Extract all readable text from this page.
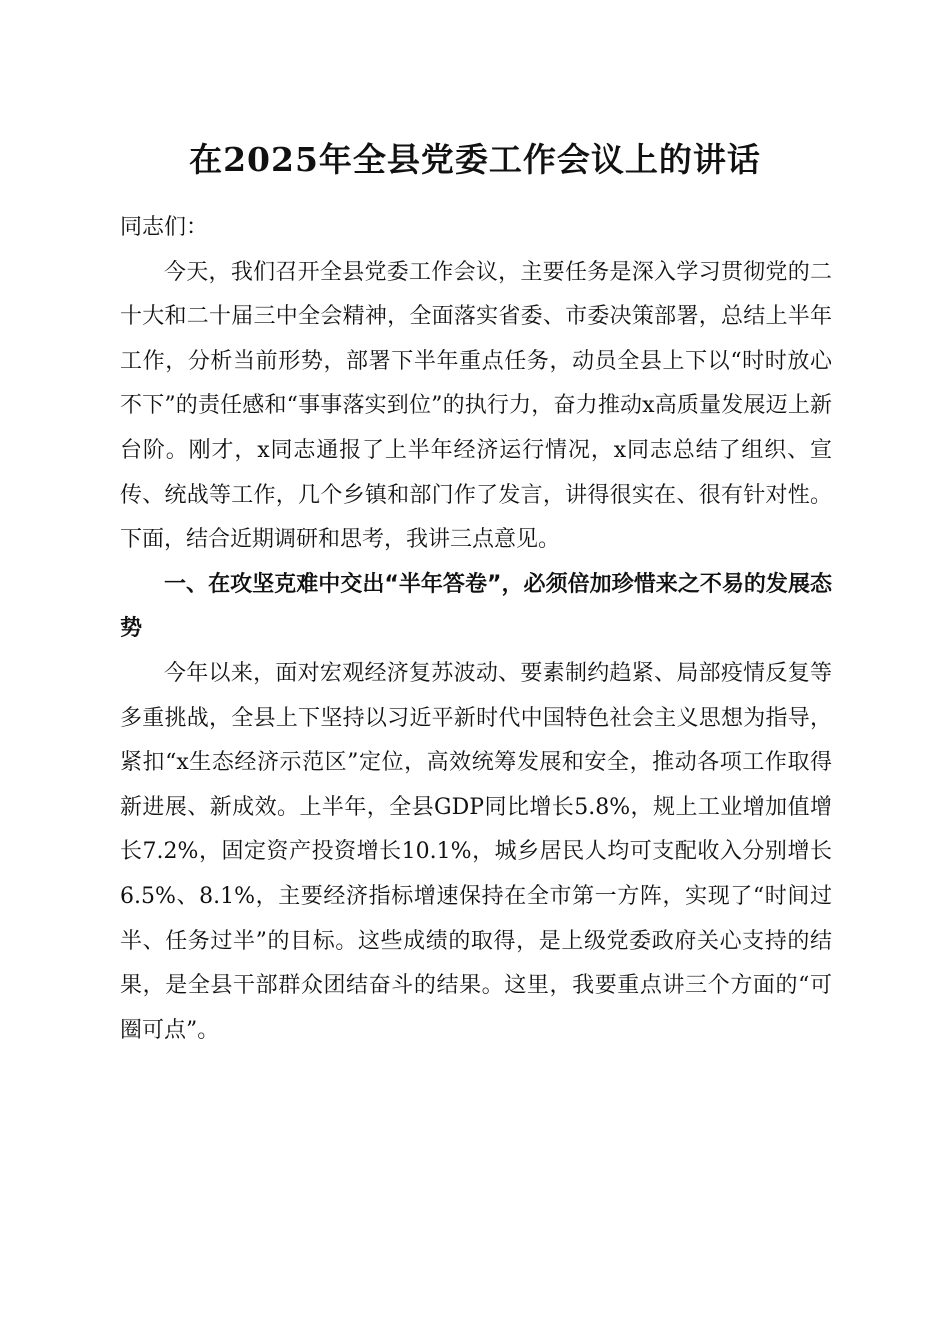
在2025年全县党委工作会议上的讲话

同志们：

今天，我们召开全县党委工作会议，主要任务是深入学习贯彻党的二十大和二十届三中全会精神，全面落实省委、市委决策部署，总结上半年工作，分析当前形势，部署下半年重点任务，动员全县上下以“时时放心不下”的责任感和“事事落实到位”的执行力，奋力推动x高质量发展迈上新台阶。刚才，x同志通报了上半年经济运行情况，x同志总结了组织、宣传、统战等工作，几个乡镇和部门作了发言，讲得很实在、很有针对性。下面，结合近期调研和思考，我讲三点意见。

一、在攻坚克难中交出“半年答卷”，必须倍加珍惜来之不易的发展态势

今年以来，面对宏观经济复苏波动、要素制约趋紧、局部疫情反复等多重挑战，全县上下坚持以习近平新时代中国特色社会主义思想为指导，紧扣“x生态经济示范区”定位，高效统筹发展和安全，推动各项工作取得新进展、新成效。上半年，全县GDP同比增长5.8%，规上工业增加值增长7.2%，固定资产投资增长10.1%，城乡居民人均可支配收入分别增长6.5%、8.1%，主要经济指标增速保持在全市第一方阵，实现了“时间过半、任务过半”的目标。这些成绩的取得，是上级党委政府关心支持的结果，是全县干部群众团结奋斗的结果。这里，我要重点讲三个方面的“可圈可点”。
